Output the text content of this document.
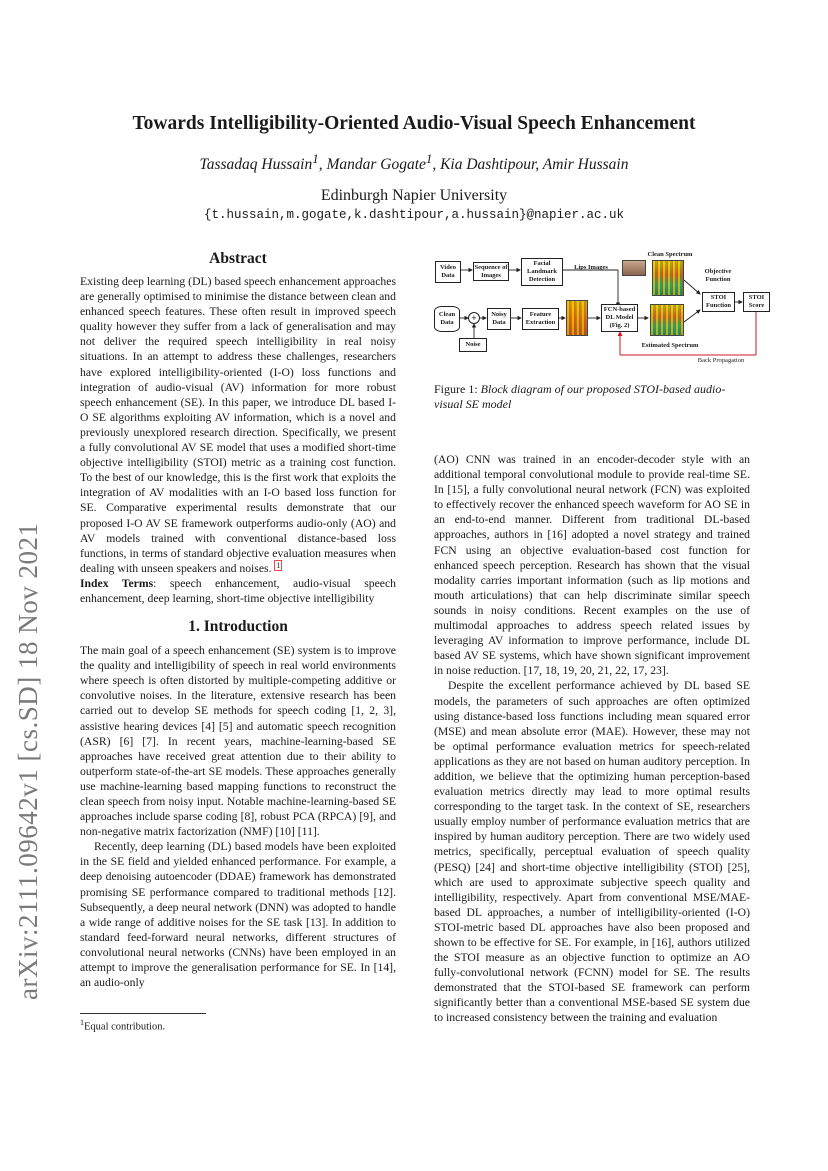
arXiv:2111.09642v1 [cs.SD] 18 Nov 2021
Towards Intelligibility-Oriented Audio-Visual Speech Enhancement
Tassadaq Hussain$^1$, Mandar Gogate$^1$, Kia Dashtipour, Amir Hussain
Edinburgh Napier University
{t.hussain,m.gogate,k.dashtipour,a.hussain}@napier.ac.uk
Abstract

Existing deep learning (DL) based speech enhancement approaches are generally optimised to minimise the distance between clean and enhanced speech features. These often result in improved speech quality however they suffer from a lack of generalisation and may not deliver the required speech intelligibility in real noisy situations. In an attempt to address these challenges, researchers have explored intelligibility-oriented (I-O) loss functions and integration of audio-visual (AV) information for more robust speech enhancement (SE). In this paper, we introduce DL based I-O SE algorithms exploiting AV information, which is a novel and previously unexplored research direction. Specifically, we present a fully convolutional AV SE model that uses a modified short-time objective intelligibility (STOI) metric as a training cost function. To the best of our knowledge, this is the first work that exploits the integration of AV modalities with an I-O based loss function for SE. Comparative experimental results demonstrate that our proposed I-O AV SE framework outperforms audio-only (AO) and AV models trained with conventional distance-based loss functions, in terms of standard objective evaluation measures when dealing with unseen speakers and noises. $^1$

Index Terms: speech enhancement, audio-visual speech enhancement, deep learning, short-time objective intelligibility

1. Introduction

The main goal of a speech enhancement (SE) system is to improve the quality and intelligibility of speech in real world environments where speech is often distorted by multiple-competing additive or convolutive noises. In the literature, extensive research has been carried out to develop SE methods for speech coding [1, 2, 3], assistive hearing devices [4] [5] and automatic speech recognition (ASR) [6] [7]. In recent years, machine-learning-based SE approaches have received great attention due to their ability to outperform state-of-the-art SE models. These approaches generally use machine-learning based mapping functions to reconstruct the clean speech from noisy input. Notable machine-learning-based SE approaches include sparse coding [8], robust PCA (RPCA) [9], and non-negative matrix factorization (NMF) [10] [11].

Recently, deep learning (DL) based models have been exploited in the SE field and yielded enhanced performance. For example, a deep denoising autoencoder (DDAE) framework has demonstrated promising SE performance compared to traditional methods [12]. Subsequently, a deep neural network (DNN) was adopted to handle a wide range of additive noises for the SE task [13]. In addition to standard feed-forward neural networks, different structures of convolutional neural networks (CNNs) have been employed in an attempt to improve the generalisation performance for SE. In [14], an audio-only

$^1$Equal contribution.
Video Data
Sequence of Images
Facial Landmark Detection
Lips Images
Clean Spectrum
Objective Function
STOI Function
STOI Score
Clean Data	+	Noisy Data
Feature Extraction
FCN-based DL Model (Fig. 2)
Noise	Estimated Spectrum
Back Propagation
Figure 1: Block diagram of our proposed STOI-based audio-visual SE model

(AO) CNN was trained in an encoder-decoder style with an additional temporal convolutional module to provide real-time SE. In [15], a fully convolutional neural network (FCN) was exploited to effectively recover the enhanced speech waveform for AO SE in an end-to-end manner. Different from traditional DL-based approaches, authors in [16] adopted a novel strategy and trained FCN using an objective evaluation-based cost function for enhanced speech perception. Research has shown that the visual modality carries important information (such as lip motions and mouth articulations) that can help discriminate similar speech sounds in noisy conditions. Recent examples on the use of multimodal approaches to address speech related issues by leveraging AV information to improve performance, include DL based AV SE systems, which have shown significant improvement in noise reduction. [17, 18, 19, 20, 21, 22, 17, 23].

Despite the excellent performance achieved by DL based SE models, the parameters of such approaches are often optimized using distance-based loss functions including mean squared error (MSE) and mean absolute error (MAE). However, these may not be optimal performance evaluation metrics for speech-related applications as they are not based on human auditory perception. In addition, we believe that the optimizing human perception-based evaluation metrics directly may lead to more optimal results corresponding to the target task. In the context of SE, researchers usually employ number of performance evaluation metrics that are inspired by human auditory perception. There are two widely used metrics, specifically, perceptual evaluation of speech quality (PESQ) [24] and short-time objective intelligibility (STOI) [25], which are used to approximate subjective speech quality and intelligibility, respectively. Apart from conventional MSE/MAE-based DL approaches, a number of intelligibility-oriented (I-O) STOI-metric based DL approaches have also been proposed and shown to be effective for SE. For example, in [16], authors utilized the STOI measure as an objective function to optimize an AO fully-convolutional network (FCNN) model for SE. The results demonstrated that the STOI-based SE framework can perform significantly better than a conventional MSE-based SE system due to increased consistency between the training and evaluation
